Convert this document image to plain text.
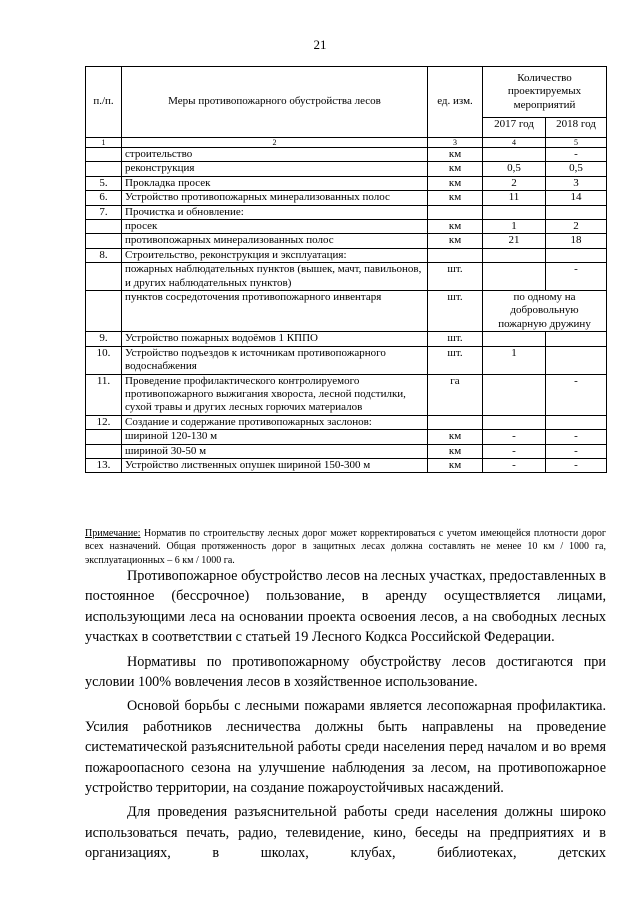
21
п./п.	Меры противопожарного обустройства лесов	ед. изм.	Количество проектируемых мероприятий	
			2017 год	2018 год
1	2	3	4	5
	строительство	км		-
	реконструкция	км	0,5	0,5
5.	Прокладка просек	км	2	3
6.	Устройство противопожарных минерализованных полос	км	11	14
7.	Прочистка и обновление:			
	просек	км	1	2
	противопожарных минерализованных полос	км	21	18
8.	Строительство, реконструкция и эксплуатация:			
	пожарных наблюдательных пунктов (вышек, мачт, павильонов, и других наблюдательных пунктов)	шт.		-
	пунктов сосредоточения противопожарного инвентаря	шт.	по одному на добровольную пожарную дружину	
9.	Устройство пожарных водоёмов 1 КППО	шт.		
10.	Устройство подъездов к источникам противопожарного водоснабжения	шт.	1	
11.	Проведение профилактического контролируемого противопожарного выжигания хвороста, лесной подстилки, сухой травы и других лесных горючих материалов	га		-
12.	Создание и содержание противопожарных заслонов:			
	шириной 120-130 м	км	-	-
	шириной 30-50 м	км	-	-
13.	Устройство лиственных опушек шириной 150-300 м	км	-	-
Примечание: Норматив по строительству лесных дорог может корректироваться с учетом имеющейся плотности дорог всех назначений. Общая протяженность дорог в защитных лесах должна составлять не менее 10 км / 1000 га, эксплуатационных – 6 км / 1000 га.

Противопожарное обустройство лесов на лесных участках, предоставленных в постоянное (бессрочное) пользование, в аренду осуществляется лицами, использующими леса на основании проекта освоения лесов, а на свободных лесных участках в соответствии с статьей 19 Лесного Кодкса Российской Федерации.

Нормативы по противопожарному обустройству лесов достигаются при условии 100% вовлечения лесов в хозяйственное использование.

Основой борьбы с лесными пожарами является лесопожарная профилактика. Усилия работников лесничества должны быть направлены на проведение систематической разъяснительной работы среди населения перед началом и во время пожароопасного сезона на улучшение наблюдения за лесом, на противопожарное устройство территории, на создание пожароустойчивых насаждений.

Для проведения разъяснительной работы среди населения должны широко использоваться печать, радио, телевидение, кино, беседы на предприятиях и в организациях, в школах, клубах, библиотеках, детских
